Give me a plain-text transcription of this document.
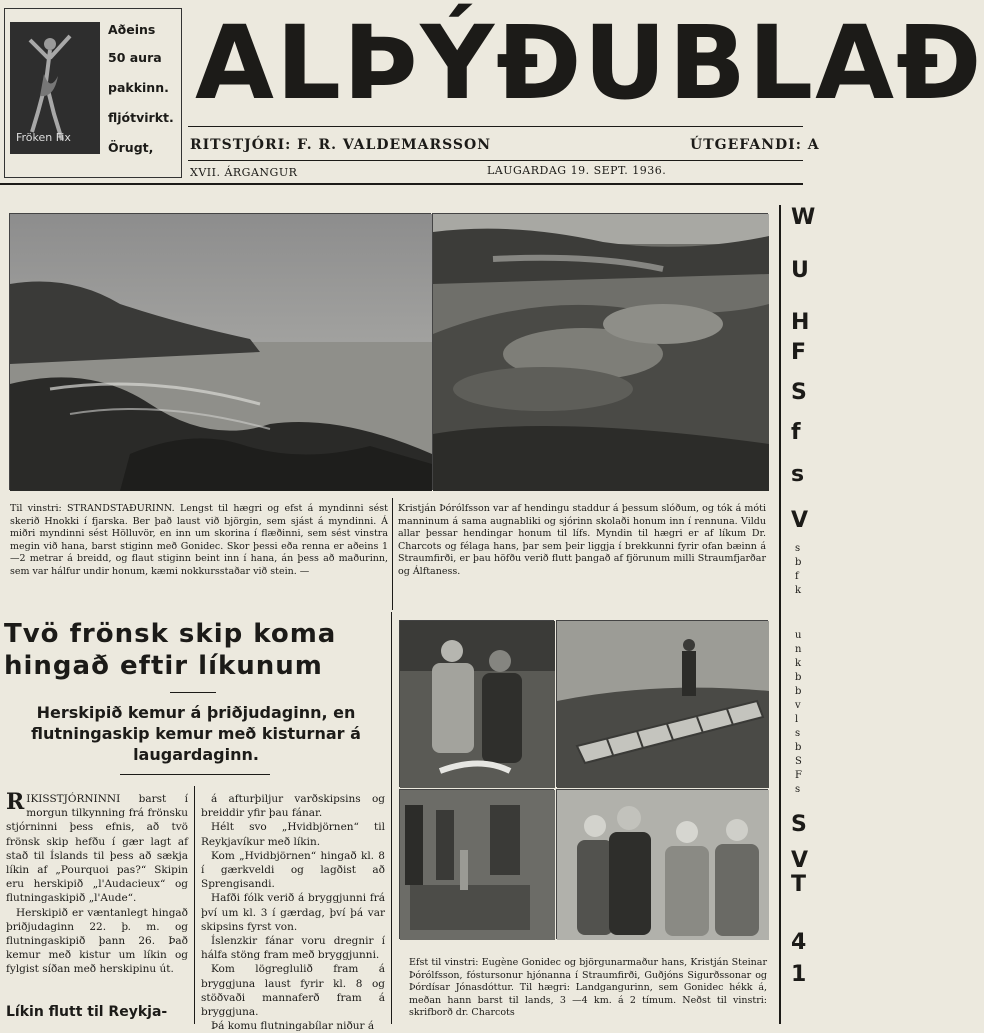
Fröken Fix
Aðeins
50 aura
pakkinn.
fljótvirkt.
Örugt,
ALÞÝÐUBLAÐ
RITSTJÓRI: F. R. VALDEMARSSON	ÚTGEFANDI: A
XVII. ÁRGANGUR	LAUGARDAG 19. SEPT. 1936.
Til vinstri: STRANDSTAÐURINN. Lengst til hægri og efst á myndinni sést skerið Hnokki í fjarska. Ber það laust við björgin, sem sjást á myndinni. Á miðri myndinni sést Hölluvör, en inn um skorina í flæðinni, sem sést vinstra megin við hana, barst stiginn með Gonidec. Skor þessi eða renna er aðeins 1—2 metrar á breidd, og flaut stiginn beint inn í hana, án þess að maðurinn, sem var hálfur undir honum, kæmi nokkursstaðar við stein. —
Kristján Þórólfsson var af hendingu staddur á þessum slóðum, og tók á móti manninum á sama augnabliki og sjórinn skolaði honum inn í rennuna. Vildu allar þessar hendingar honum til lífs. Myndin til hægri er af líkum Dr. Charcots og félaga hans, þar sem þeir liggja í brekkunni fyrir ofan bæinn á Straumfirði, er þau höfðu verið flutt þangað af fjörunum milli Straumfjarðar og Álftaness.
Tvö frönsk skip koma hingað eftir líkunum
Herskipið kemur á þriðjudaginn, en flutningaskip kemur með kisturnar á laugardaginn.

RIKISSTJÓRNINNI barst í morgun tilkynning frá frönsku stjórninni þess efnis, að tvö frönsk skip hefðu í gær lagt af stað til Íslands til þess að sækja líkin af „Pourquoi pas?“ Skipin eru herskipið „l'Audacieux“ og flutningaskipið „l'Aude“.

Herskipið er væntanlegt hingað þriðjudaginn 22. þ. m. og flutningaskipið þann 26. Það kemur með kistur um líkin og fylgist síðan með herskipinu út.

Líkin flutt til Reykja-

á afturþiljur varðskipsins og breiddir yfir þau fánar.

Hélt svo „Hvidbjörnen“ til Reykjavíkur með líkin.

Kom „Hvidbjörnen“ hingað kl. 8 í gærkveldi og lagðist að Sprengisandi.

Hafði fólk verið á bryggjunni frá því um kl. 3 í gærdag, því þá var skipsins fyrst von.

Íslenzkir fánar voru dregnir í hálfa stöng fram með bryggjunni.

Kom lögreglulið fram á bryggjuna laust fyrir kl. 8 og stöðvaði mannaferð fram á bryggjuna.

Þá komu flutningabílar niður á

Efst til vinstri: Eugène Gonidec og björgunarmaður hans, Kristján Steinar Þórólfsson, fóstursonur hjónanna í Straumfirði, Guðjóns Sigurðssonar og Þórdísar Jónasdóttur. Til hægri: Landgangurinn, sem Gonidec hékk á, meðan hann barst til lands, 3 —4 km. á 2 tímum. Neðst til vinstri: skrifborð dr. Charcots
W
U
H
F
S
f
s
V
s
b
f
k
u
n
k
b
b
v
l
s
b
S
F
s
S
V
T
4
1
